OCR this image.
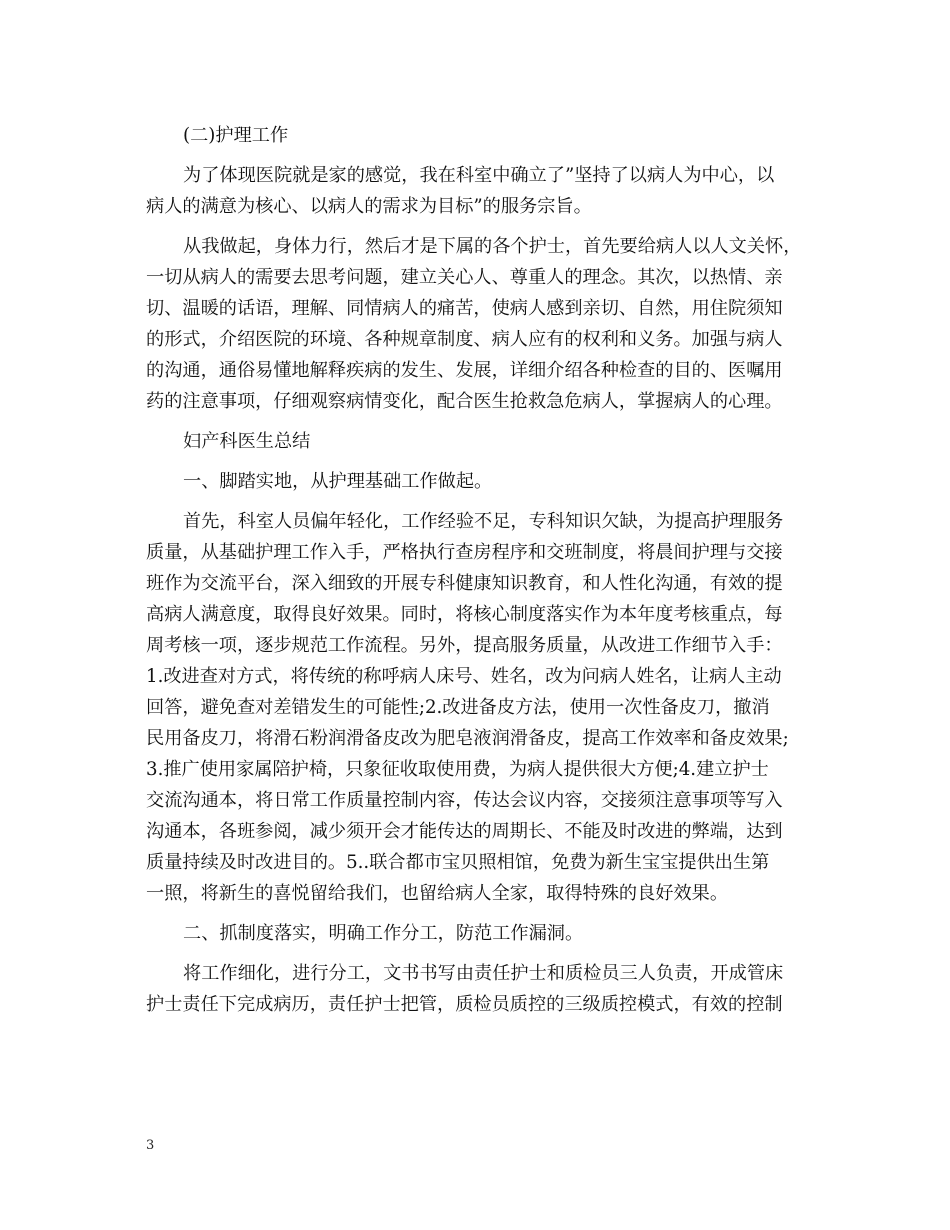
(二)护理工作

为了体现医院就是家的感觉，我在科室中确立了”坚持了以病人为中心，以

病人的满意为核心、以病人的需求为目标”的服务宗旨。

从我做起，身体力行，然后才是下属的各个护士，首先要给病人以人文关怀，

一切从病人的需要去思考问题，建立关心人、尊重人的理念。其次，以热情、亲

切、温暖的话语，理解、同情病人的痛苦，使病人感到亲切、自然，用住院须知

的形式，介绍医院的环境、各种规章制度、病人应有的权利和义务。加强与病人

的沟通，通俗易懂地解释疾病的发生、发展，详细介绍各种检查的目的、医嘱用

药的注意事项，仔细观察病情变化，配合医生抢救急危病人，掌握病人的心理。

妇产科医生总结

一、脚踏实地，从护理基础工作做起。

首先，科室人员偏年轻化，工作经验不足，专科知识欠缺，为提高护理服务

质量，从基础护理工作入手，严格执行查房程序和交班制度，将晨间护理与交接

班作为交流平台，深入细致的开展专科健康知识教育，和人性化沟通，有效的提

高病人满意度，取得良好效果。同时，将核心制度落实作为本年度考核重点，每

周考核一项，逐步规范工作流程。另外，提高服务质量，从改进工作细节入手：

1.改进查对方式，将传统的称呼病人床号、姓名，改为问病人姓名，让病人主动

回答，避免查对差错发生的可能性;2.改进备皮方法，使用一次性备皮刀，撤消

民用备皮刀，将滑石粉润滑备皮改为肥皂液润滑备皮，提高工作效率和备皮效果;

3.推广使用家属陪护椅，只象征收取使用费，为病人提供很大方便;4.建立护士

交流沟通本，将日常工作质量控制内容，传达会议内容，交接须注意事项等写入

沟通本，各班参阅，减少须开会才能传达的周期长、不能及时改进的弊端，达到

质量持续及时改进目的。5..联合都市宝贝照相馆，免费为新生宝宝提供出生第

一照，将新生的喜悦留给我们，也留给病人全家，取得特殊的良好效果。

二、抓制度落实，明确工作分工，防范工作漏洞。

将工作细化，进行分工，文书书写由责任护士和质检员三人负责，开成管床

护士责任下完成病历，责任护士把管，质检员质控的三级质控模式，有效的控制

3
